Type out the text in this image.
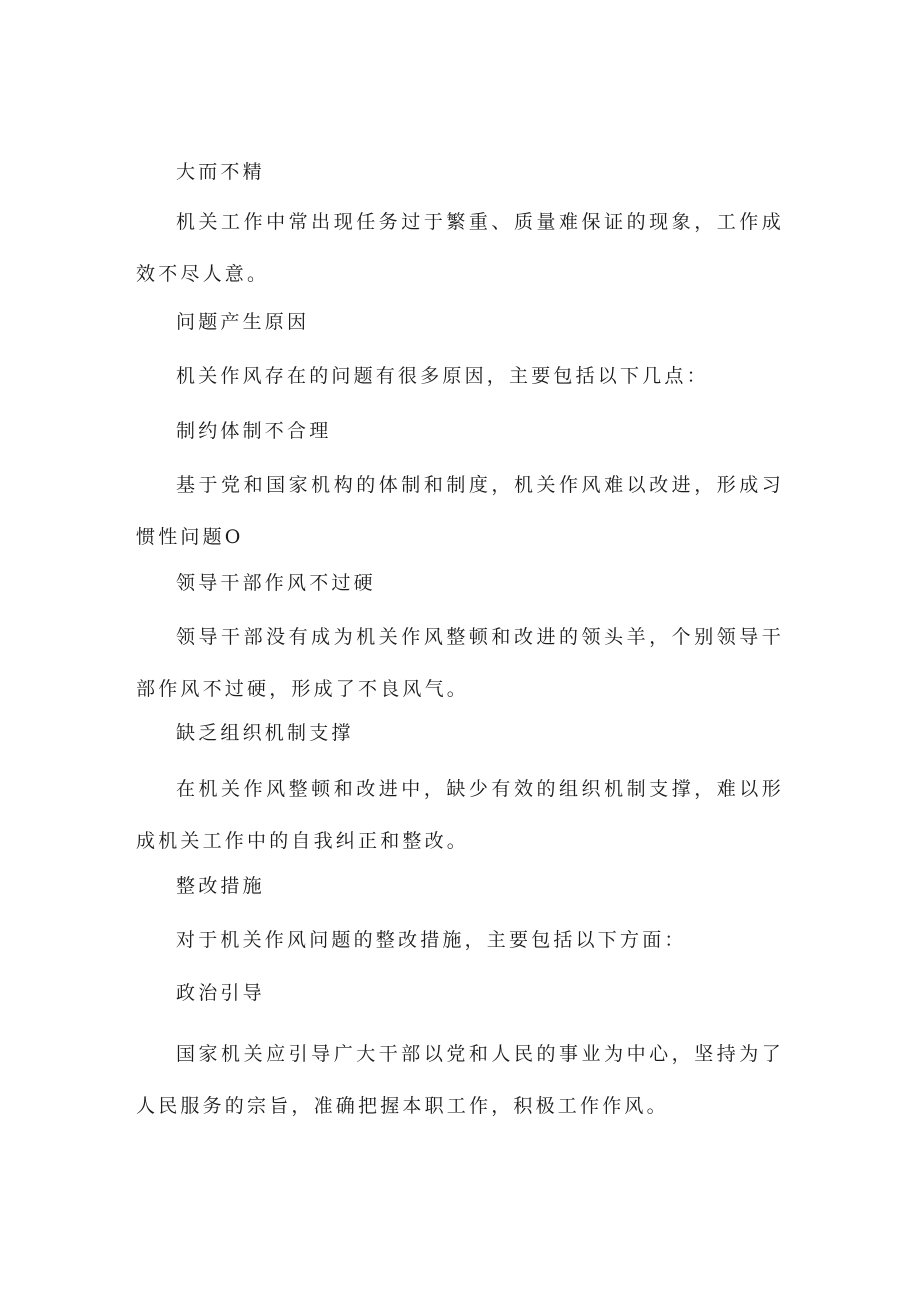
大而不精

机关工作中常出现任务过于繁重、质量难保证的现象，工作成效不尽人意。

问题产生原因

机关作风存在的问题有很多原因，主要包括以下几点：

制约体制不合理

基于党和国家机构的体制和制度，机关作风难以改进，形成习惯性问题O

领导干部作风不过硬

领导干部没有成为机关作风整顿和改进的领头羊，个别领导干部作风不过硬，形成了不良风气。

缺乏组织机制支撑

在机关作风整顿和改进中，缺少有效的组织机制支撑，难以形成机关工作中的自我纠正和整改。

整改措施

对于机关作风问题的整改措施，主要包括以下方面：

政治引导

国家机关应引导广大干部以党和人民的事业为中心，坚持为了人民服务的宗旨，准确把握本职工作，积极工作作风。
